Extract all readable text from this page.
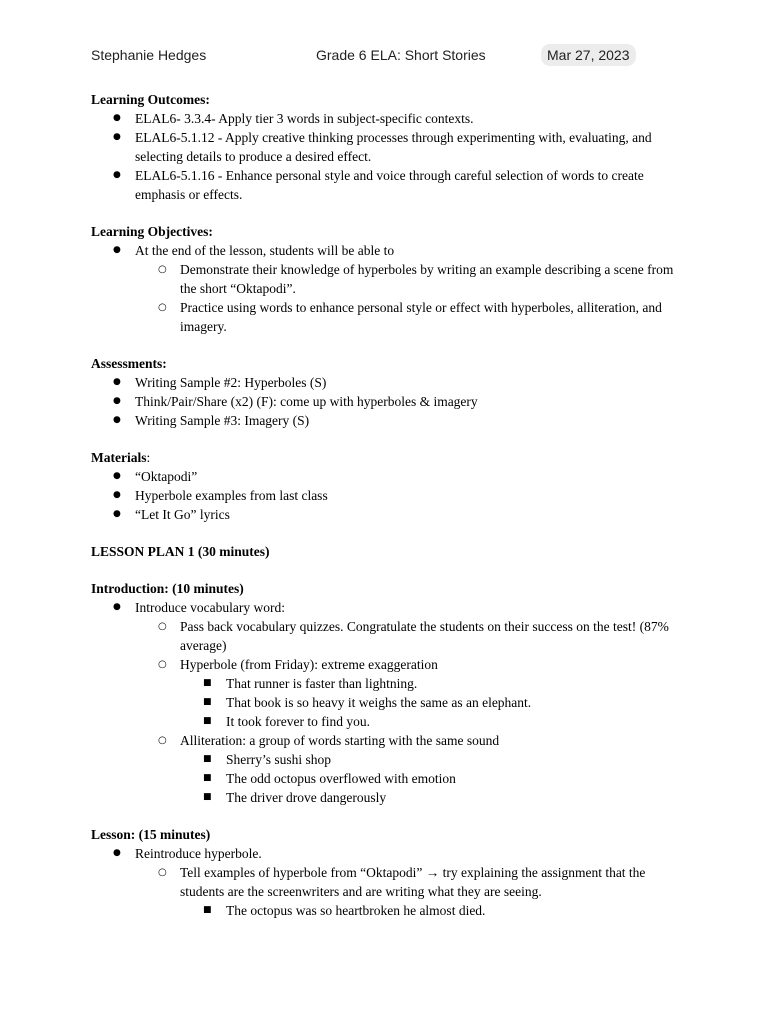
Stephanie Hedges	Grade 6 ELA: Short Stories	Mar 27, 2023

Learning Outcomes:

● ELAL6- 3.3.4- Apply tier 3 words in subject-specific contexts.
● ELAL6-5.1.12 - Apply creative thinking processes through experimenting with, evaluating, and selecting details to produce a desired effect.
● ELAL6-5.1.16 - Enhance personal style and voice through careful selection of words to create emphasis or effects.

Learning Objectives:

● At the end of the lesson, students will be able to
○ Demonstrate their knowledge of hyperboles by writing an example describing a scene from the short “Oktapodi”.
○ Practice using words to enhance personal style or effect with hyperboles, alliteration, and imagery.

Assessments:

● Writing Sample #2: Hyperboles (S)
● Think/Pair/Share (x2) (F): come up with hyperboles & imagery
● Writing Sample #3: Imagery (S)

Materials:

● “Oktapodi”
● Hyperbole examples from last class
● “Let It Go” lyrics

LESSON PLAN 1 (30 minutes)

Introduction: (10 minutes)

● Introduce vocabulary word:
○ Pass back vocabulary quizzes. Congratulate the students on their success on the test! (87% average)
○ Hyperbole (from Friday): extreme exaggeration
■ That runner is faster than lightning.
■ That book is so heavy it weighs the same as an elephant.
■ It took forever to find you.
○ Alliteration: a group of words starting with the same sound
■ Sherry’s sushi shop
■ The odd octopus overflowed with emotion
■ The driver drove dangerously

Lesson: (15 minutes)

● Reintroduce hyperbole.
○ Tell examples of hyperbole from “Oktapodi” → try explaining the assignment that the students are the screenwriters and are writing what they are seeing.
■ The octopus was so heartbroken he almost died.
